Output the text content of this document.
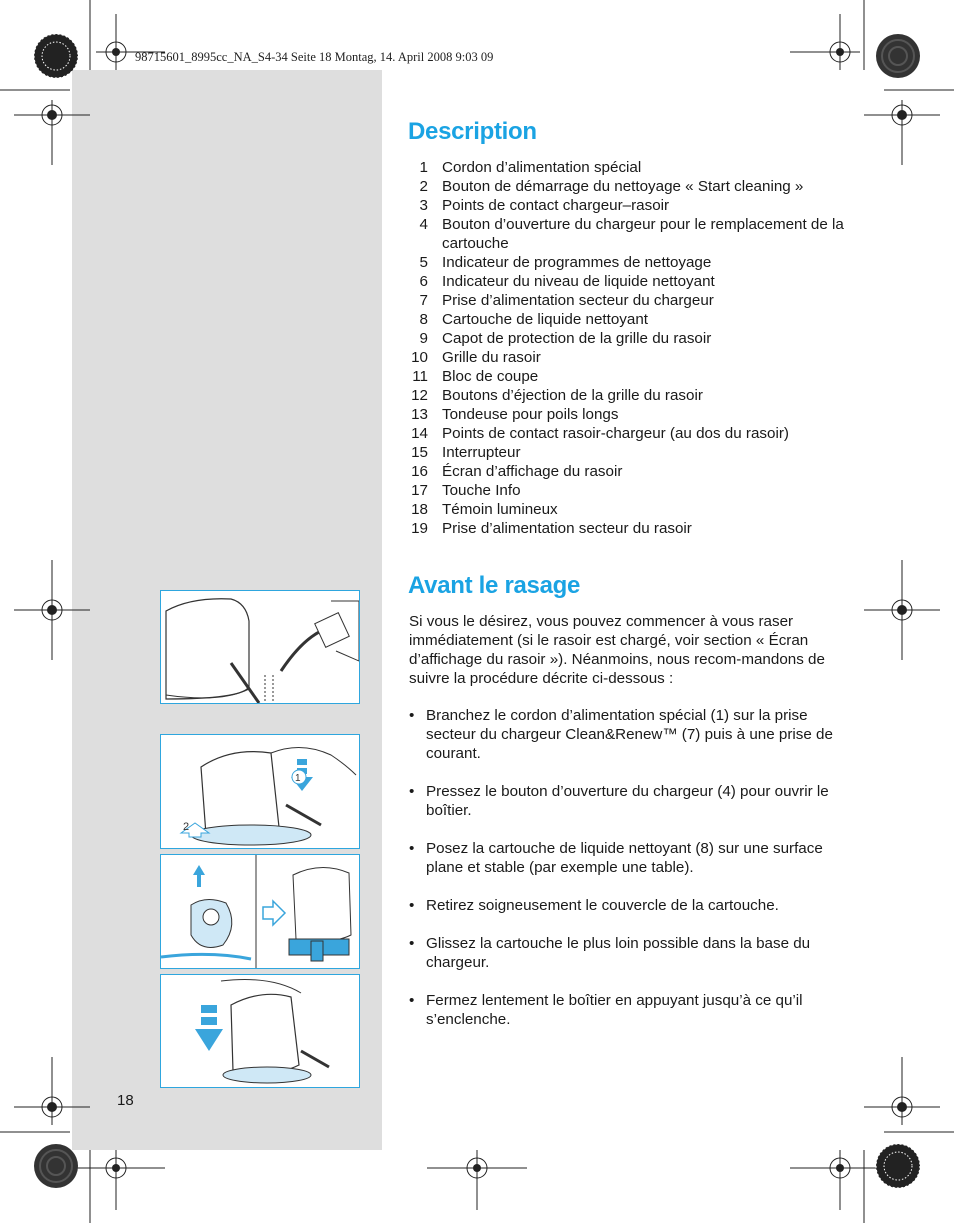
98715601_8995cc_NA_S4-34 Seite 18 Montag, 14. April 2008 9:03 09
Description
1 Cordon d’alimentation spécial
2 Bouton de démarrage du nettoyage « Start cleaning »
3 Points de contact chargeur–rasoir
4 Bouton d’ouverture du chargeur pour le remplacement de la cartouche
5 Indicateur de programmes de nettoyage
6 Indicateur du niveau de liquide nettoyant
7 Prise d’alimentation secteur du chargeur
8 Cartouche de liquide nettoyant
9 Capot de protection de la grille du rasoir
10 Grille du rasoir
11 Bloc de coupe
12 Boutons d’éjection de la grille du rasoir
13 Tondeuse pour poils longs
14 Points de contact rasoir-chargeur (au dos du rasoir)
15 Interrupteur
16 Écran d’affichage du rasoir
17 Touche Info
18 Témoin lumineux
19 Prise d’alimentation secteur du rasoir
Avant le rasage

Si vous le désirez, vous pouvez commencer à vous raser immédiatement (si le rasoir est chargé, voir section « Écran d’affichage du rasoir »). Néanmoins, nous recom-mandons de suivre la procédure décrite ci-dessous :

• Branchez le cordon d’alimentation spécial (1) sur la prise secteur du chargeur Clean&Renew™ (7) puis à une prise de courant.
• Pressez le bouton d’ouverture du chargeur (4) pour ouvrir le boîtier.
• Posez la cartouche de liquide nettoyant (8) sur une surface plane et stable (par exemple une table).
• Retirez soigneusement le couvercle de la cartouche.
• Glissez la cartouche le plus loin possible dans la base du chargeur.
• Fermez lentement le boîtier en appuyant jusqu’à ce qu’il s’enclenche.
1
2
18
